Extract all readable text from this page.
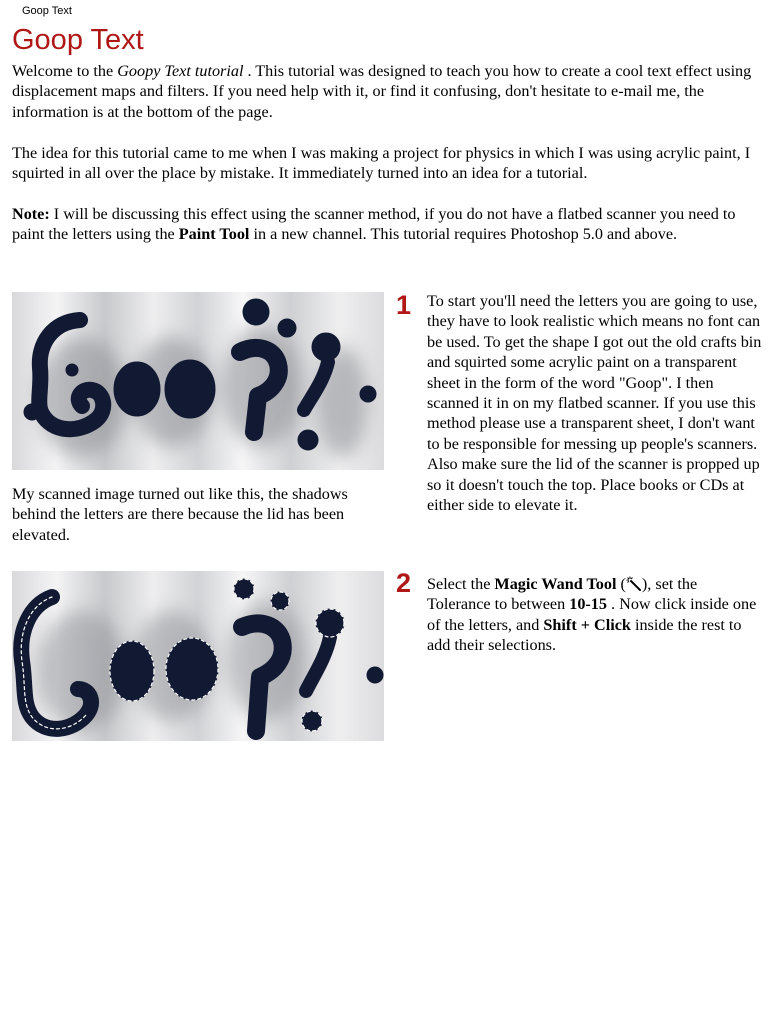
Goop Text
Goop Text

Welcome to the Goopy Text tutorial . This tutorial was designed to teach you how to create a cool text effect using displacement maps and filters. If you need help with it, or find it confusing, don't hesitate to e-mail me, the information is at the bottom of the page.

The idea for this tutorial came to me when I was making a project for physics in which I was using acrylic paint, I squirted in all over the place by mistake. It immediately turned into an idea for a tutorial.

Note: I will be discussing this effect using the scanner method, if you do not have a flatbed scanner you need to paint the letters using the Paint Tool in a new channel. This tutorial requires Photoshop 5.0 and above.

My scanned image turned out like this, the shadows behind the letters are there because the lid has been elevated.
1 To start you'll need the letters you are going to use, they have to look realistic which means no font can be used. To get the shape I got out the old crafts bin and squirted some acrylic paint on a transparent sheet in the form of the word "Goop". I then scanned it in on my flatbed scanner. If you use this method please use a transparent sheet, I don't want to be responsible for messing up people's scanners. Also make sure the lid of the scanner is propped up so it doesn't touch the top. Place books or CDs at either side to elevate it.
2 Select the Magic Wand Tool ( ), set the Tolerance to between 10-15 . Now click inside one of the letters, and Shift + Click inside the rest to add their selections.
